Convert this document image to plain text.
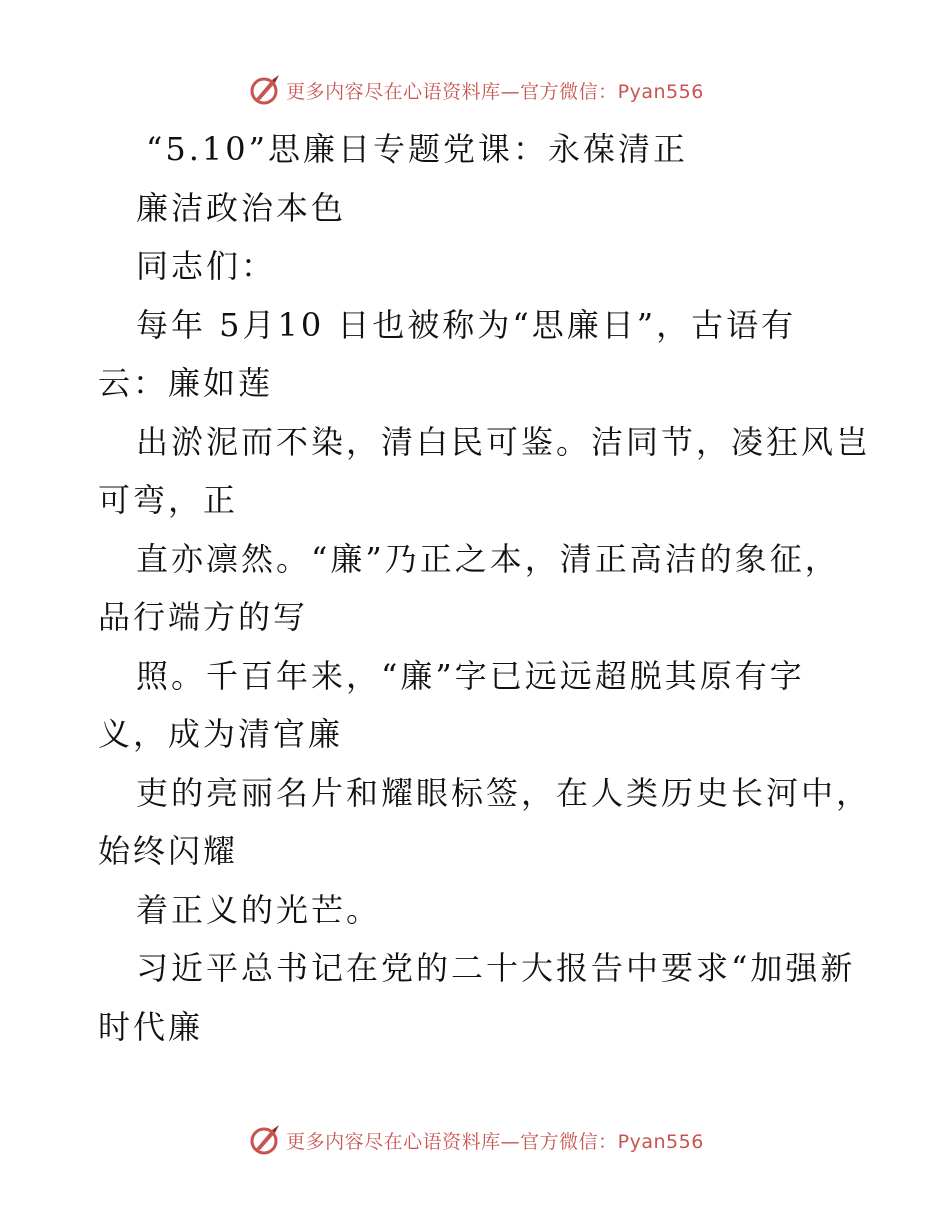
更多内容尽在心语资料库—官方微信：Pyan556
“5.10”思廉日专题党课：永葆清正
廉洁政治本色
同志们：
每年 5月10 日也被称为“思廉日”，古语有
云：廉如莲
出淤泥而不染，清白民可鉴。洁同节，凌狂风岂
可弯，正
直亦凛然。“廉”乃正之本，清正高洁的象征，
品行端方的写
照。千百年来，“廉”字已远远超脱其原有字
义，成为清官廉
吏的亮丽名片和耀眼标签，在人类历史长河中，
始终闪耀
着正义的光芒。
习近平总书记在党的二十大报告中要求“加强新
时代廉
更多内容尽在心语资料库—官方微信：Pyan556
